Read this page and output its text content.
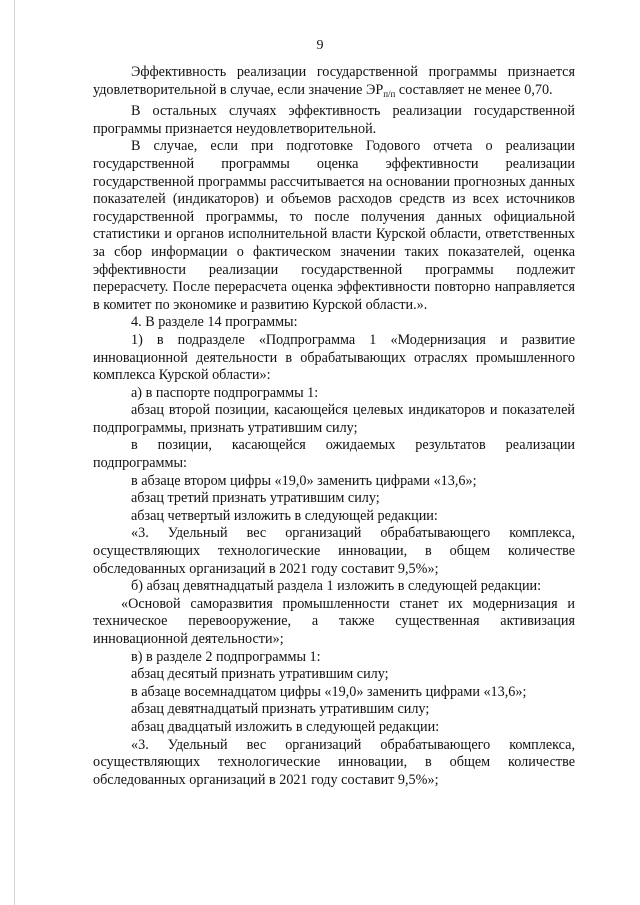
9

Эффективность реализации государственной программы признается удовлетворительной в случае, если значение $ЭР_{п/п}$ составляет не менее 0,70.

В остальных случаях эффективность реализации государственной программы признается неудовлетворительной.

В случае, если при подготовке Годового отчета о реализации государственной программы оценка эффективности реализации государственной программы рассчитывается на основании прогнозных данных показателей (индикаторов) и объемов расходов средств из всех источников государственной программы, то после получения данных официальной статистики и органов исполнительной власти Курской области, ответственных за сбор информации о фактическом значении таких показателей, оценка эффективности реализации государственной программы подлежит перерасчету. После перерасчета оценка эффективности повторно направляется в комитет по экономике и развитию Курской области.».

4. В разделе 14 программы:

1) в подразделе «Подпрограмма 1 «Модернизация и развитие инновационной деятельности в обрабатывающих отраслях промышленного комплекса Курской области»:

а) в паспорте подпрограммы 1:

абзац второй позиции, касающейся целевых индикаторов и показателей подпрограммы, признать утратившим силу;

в позиции, касающейся ожидаемых результатов реализации подпрограммы:

в абзаце втором цифры «19,0» заменить цифрами «13,6»;

абзац третий признать утратившим силу;

абзац четвертый изложить в следующей редакции:

«3. Удельный вес организаций обрабатывающего комплекса, осуществляющих технологические инновации, в общем количестве обследованных организаций в 2021 году составит 9,5%»;

б) абзац девятнадцатый раздела 1 изложить в следующей редакции:

«Основой саморазвития промышленности станет их модернизация и техническое перевооружение, а также существенная активизация инновационной деятельности»;

в) в разделе 2 подпрограммы 1:

абзац десятый признать утратившим силу;

в абзаце восемнадцатом цифры «19,0» заменить цифрами «13,6»;

абзац девятнадцатый признать утратившим силу;

абзац двадцатый изложить в следующей редакции:

«3. Удельный вес организаций обрабатывающего комплекса, осуществляющих технологические инновации, в общем количестве обследованных организаций в 2021 году составит 9,5%»;
